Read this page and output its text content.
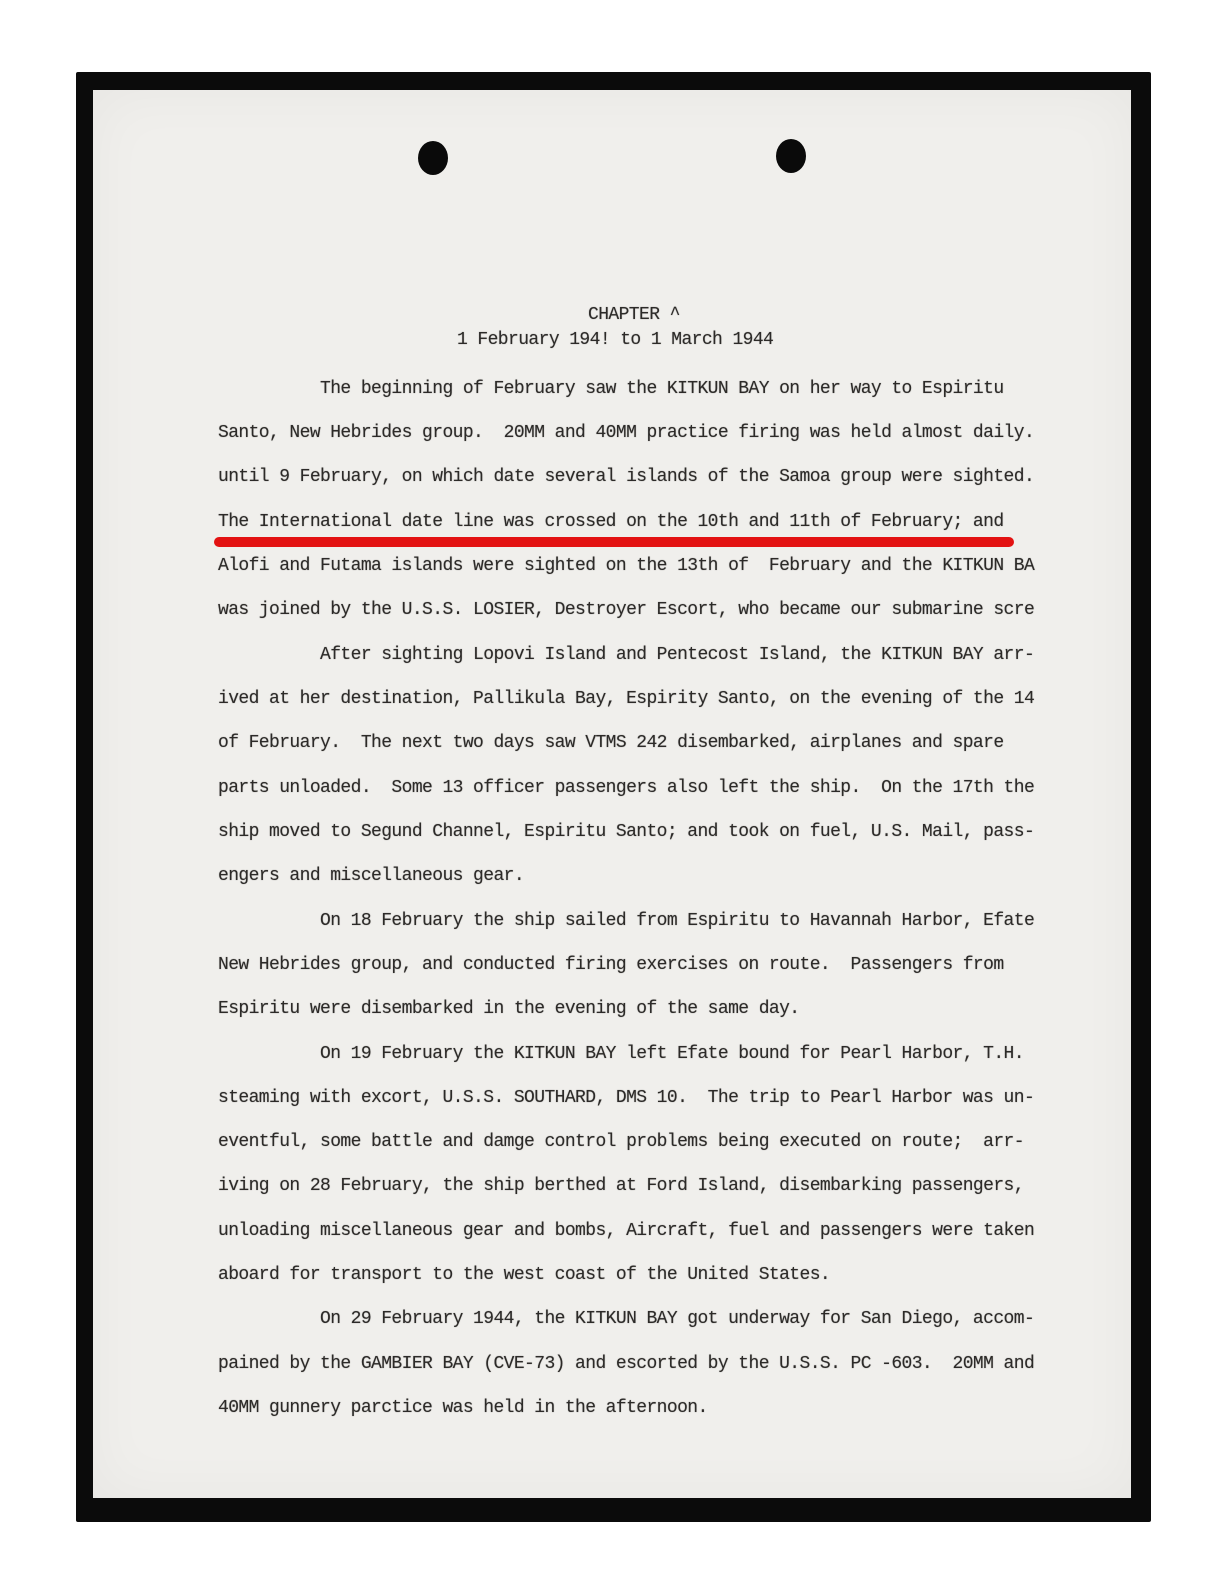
CHAPTER ^
1 February 194! to 1 March 1944
The beginning of February saw the KITKUN BAY on her way to Espiritu
Santo, New Hebrides group.  20MM and 40MM practice firing was held almost daily.
until 9 February, on which date several islands of the Samoa group were sighted.
The International date line was crossed on the 10th and 11th of February; and
Alofi and Futama islands were sighted on the 13th of  February and the KITKUN BA
was joined by the U.S.S. LOSIER, Destroyer Escort, who became our submarine scre
After sighting Lopovi Island and Pentecost Island, the KITKUN BAY arr-
ived at her destination, Pallikula Bay, Espirity Santo, on the evening of the 14
of February.  The next two days saw VTMS 242 disembarked, airplanes and spare
parts unloaded.  Some 13 officer passengers also left the ship.  On the 17th the
ship moved to Segund Channel, Espiritu Santo; and took on fuel, U.S. Mail, pass-
engers and miscellaneous gear.
On 18 February the ship sailed from Espiritu to Havannah Harbor, Efate
New Hebrides group, and conducted firing exercises on route.  Passengers from
Espiritu were disembarked in the evening of the same day.
On 19 February the KITKUN BAY left Efate bound for Pearl Harbor, T.H.
steaming with excort, U.S.S. SOUTHARD, DMS 10.  The trip to Pearl Harbor was un-
eventful, some battle and damge control problems being executed on route;  arr-
iving on 28 February, the ship berthed at Ford Island, disembarking passengers,
unloading miscellaneous gear and bombs, Aircraft, fuel and passengers were taken
aboard for transport to the west coast of the United States.
On 29 February 1944, the KITKUN BAY got underway for San Diego, accom-
pained by the GAMBIER BAY (CVE-73) and escorted by the U.S.S. PC -603.  20MM and
40MM gunnery parctice was held in the afternoon.
